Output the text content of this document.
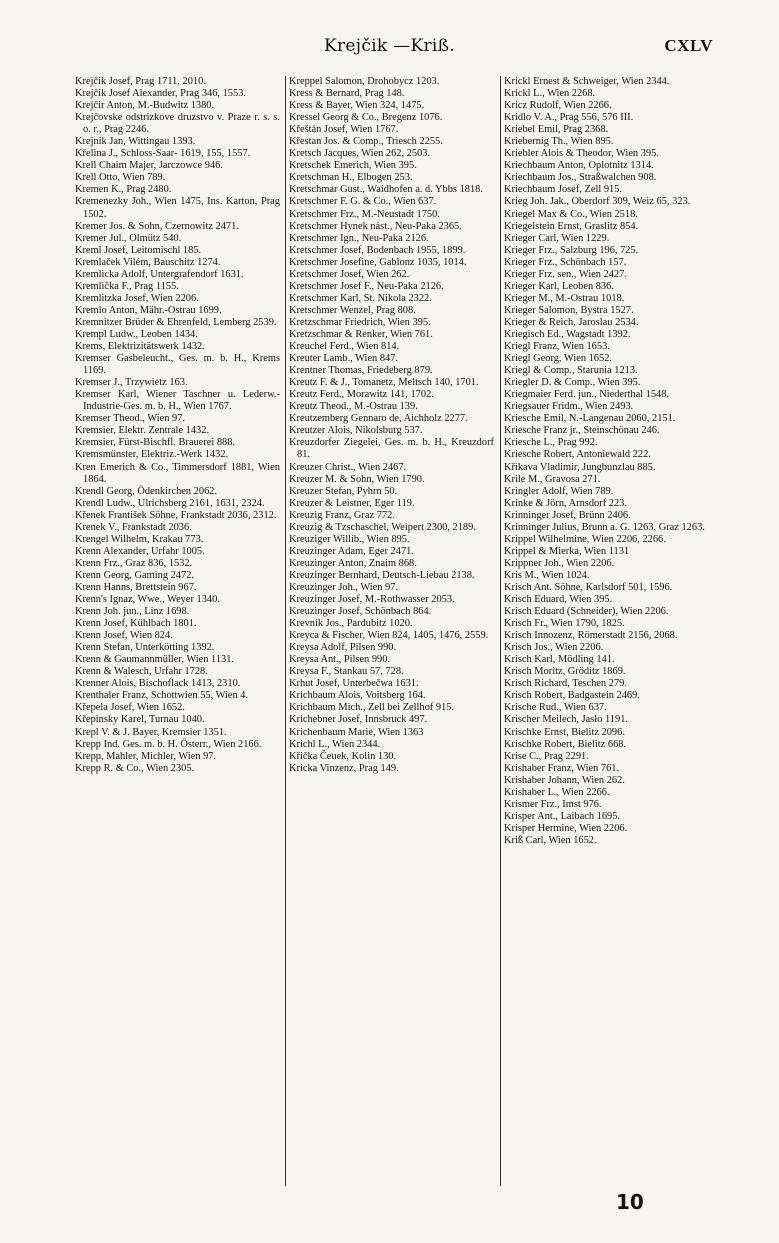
Krejčik —Kriß.	CXLV

Krejčik Josef, Prag 1711, 2010.

Krejčik Josef Alexander, Prag 346, 1553.

Krejčir Anton, M.-Budwitz 1380.

Krejčovske odstrizkove druzstvo v. Praze r. s. s. o. r., Prag 2246.

Krejnik Jan, Wittingau 1393.

Křelina J., Schloss-Saar- 1619, 155, 1557.

Krell Chaim Majer, Jarczowce 946.

Krell Otto, Wien 789.

Kremen K., Prag 2480.

Kremenezky Joh., Wien 1475, Ins. Karton, Prag 1502.

Kremer Jos. & Sohn, Czernowitz 2471.

Kremer Jul., Olmütz 540.

Kreml Josef, Leitomischl 185.

Kremlaček Vilém, Bauschitz 1274.

Kremlicka Adolf, Untergrafendorf 1631.

Kremlička F., Prag 1155.

Kremlitzka Josef, Wien 2206.

Kremlo Anton, Mähr.-Ostrau 1699.

Kremnitzer Brüder & Ehrenfeld, Lemberg 2539.

Krempl Ludw., Leoben 1434.

Krems, Elektrizitätswerk 1432.

Kremser Gasbeleucht., Ges. m. b. H., Krems 1169.

Kremser J., Trzywietz 163.

Kremser Karl, Wiener Taschner u. Lederw.-Industrie-Ges. m. b. H., Wien 1767.

Kremser Theod., Wien 97.

Kremsier, Elektr. Zentrale 1432.

Kremsier, Fürst-Bischfl. Brauerei 888.

Kremsmünster, Elektriz.-Werk 1432.

Kren Emerich & Co., Timmersdorf 1881, Wien 1864.

Krendl Georg, Ödenkirchen 2062.

Krendl Ludw., Ulrichsberg 2161, 1631, 2324.

Křenek František Söhne, Frankstadt 2036, 2312.

Krenek V., Frankstadt 2036.

Krengel Wilhelm, Krakau 773.

Krenn Alexander, Urfahr 1005.

Krenn Frz., Graz 836, 1532.

Krenn Georg, Gaming 2472.

Krenn Hanns, Brettstein 967.

Krenn's Ignaz, Wwe., Weyer 1340.

Krenn Joh. jun., Linz 1698.

Krenn Josef, Kühlbach 1801.

Krenn Josef, Wien 824.

Krenn Stefan, Unterkötting 1392.

Krenn & Gaumannmüller, Wien 1131.

Krenn & Walesch, Urfahr 1728.

Krenner Alois, Bischoflack 1413, 2310.

Krenthaler Franz, Schottwien 55, Wien 4.

Křepela Josef, Wien 1652.

Křepinsky Karel, Turnau 1040.

Krepl V. & J. Bayer, Kremsier 1351.

Krepp Ind. Ges. m. b. H. Österr., Wien 2166.

Krepp, Mahler, Michler, Wien 97.

Krepp R. & Co., Wien 2305.

Kreppel Salomon, Drohobycz 1203.

Kress & Bernard, Prag 148.

Kress & Bayer, Wien 324, 1475.

Kressel Georg & Co., Bregenz 1076.

Křeštán Josef, Wien 1767.

Křestan Jos. & Comp., Triesch 2255.

Kretsch Jacques, Wien 262, 2503.

Kretschek Emerich, Wien 395.

Kretschman H., Elbogen 253.

Kretschmar Gust., Waidhofen a. d. Ybbs 1818.

Kretschmer F. G. & Co., Wien 637.

Kretschmer Frz., M.-Neustadt 1750.

Kretschmer Hynek nást., Neu-Paka 2365.

Kretschmer Ign., Neu-Paka 2126.

Kretschmer Josef, Bodenbach 1955, 1899.

Kretschmer Josefine, Gablonz 1035, 1014.

Kretschmer Josef, Wien 262.

Kretschmer Josef F., Neu-Paka 2126.

Kretschmer Karl, St. Nikola 2322.

Kretschmer Wenzel, Prag 808.

Kretzschmar Friedrich, Wien 395.

Kretzschmar & Renker, Wien 761.

Kreuchel Ferd., Wien 814.

Kreuter Lamb., Wien 847.

Krentner Thomas, Friedeberg 879.

Kreutz F. & J., Tomanetz, Meltsch 140, 1701.

Kreutz Ferd., Morawitz 141, 1702.

Kreutz Theod., M.-Ostrau 139.

Kreutzemberg Gennaro de, Aichholz 2277.

Kreutzer Alois, Nikolsburg 537.

Kreuzdorfer Ziegelei, Ges. m. b. H., Kreuzdorf 81.

Kreuzer Christ., Wien 2467.

Kreuzer M. & Sohn, Wien 1790.

Kreuzer Stefan, Pyhrn 50.

Kreuzer & Leistner, Eger 119.

Kreuzig Franz, Graz 772.

Kreuzig & Tzschaschel, Weipert 2300, 2189.

Kreuziger Willib., Wien 895.

Kreuzinger Adam, Eger 2471.

Kreuzinger Anton, Znaim 868.

Kreuzinger Bernhard, Deutsch-Liebau 2138.

Kreuzinger Joh., Wien 97.

Kreuzinger Josef, M.-Rothwasser 2053.

Kreuzinger Josef, Schönbach 864.

Krevnik Jos., Pardubitz 1020.

Kreyca & Fischer, Wien 824, 1405, 1476, 2559.

Kreysa Adolf, Pilsen 990.

Kreysa Ant., Pilsen 990.

Kreysa F., Stankau 57, 728.

Krhut Josef, Unterbečwa 1631.

Krichbaum Alois, Voitsberg 164.

Krichbaum Mich., Zell bei Zellhof 915.

Krichebner Josef, Innsbruck 497.

Krichenbaum Marie, Wien 1363

Krichl L., Wien 2344.

Křička Čeuek, Kolin 130.

Kricka Vinzenz, Prag 149.

Krickl Ernest & Schweiger, Wien 2344.

Krickl L., Wien 2268.

Kricz Rudolf, Wien 2266.

Kridlo V. A., Prag 556, 576 III.

Kriebel Emil, Prag 2368.

Kriebernig Th., Wien 895.

Kriebler Alois & Theodor, Wien 395.

Kriechbaum Anton, Oplotnitz 1314.

Kriechbaum Jos., Straßwalchen 908.

Kriechbaum Josef, Zell 915.

Krieg Joh. Jak., Oberdorf 309, Weiz 65, 323.

Kriegel Max & Co., Wien 2518.

Kriegelstein Ernst, Graslitz 854.

Krieger Carl, Wien 1229.

Krieger Frz., Salzburg 196, 725.

Krieger Frz., Schönbach 157.

Krieger Frz. sen., Wien 2427.

Krieger Karl, Leoben 836.

Krieger M., M.-Ostrau 1018.

Krieger Salomon, Bystra 1527.

Krieger & Reich, Jaroslau 2534.

Kriegisch Ed., Wagstadt 1392.

Kriegl Franz, Wien 1653.

Kriegl Georg, Wien 1652.

Kriegl & Comp., Starunia 1213.

Kriegler D. & Comp., Wien 395.

Kriegmaier Ferd. jun., Niederthal 1548.

Kriegsauer Fridm., Wien 2493.

Kriesche Emil, N.-Langenau 2060, 2151.

Kriesche Franz jr., Steinschönau 246.

Kriesche L., Prag 992.

Kriesche Robert, Antoniewald 222.

Křikava Vladimir, Jungbunzlau 885.

Krile M., Gravosa 271.

Kringler Adolf, Wien 789.

Krinke & Jörn, Arnsdorf 223.

Krinninger Josef, Brünn 2406.

Krinninger Julius, Brunn a. G. 1263, Graz 1263.

Krippel Wilhelmine, Wien 2206, 2266.

Krippel & Mierka, Wien 1131

Krippner Joh., Wien 2206.

Kris M., Wien 1024.

Krisch Ant. Söhne, Karlsdorf 501, 1596.

Krisch Eduard, Wien 395.

Krisch Eduard (Schneider), Wien 2206.

Krisch Fr., Wien 1790, 1825.

Krisch Innozenz, Römerstadt 2156, 2068.

Krisch Jos., Wien 2206.

Krisch Karl, Mödling 141.

Krisch Moritz, Gröditz 1869.

Krisch Richard, Teschen 279.

Krisch Robert, Badgastein 2469.

Krische Rud., Wien 637.

Krischer Meilech, Jasło 1191.

Krischke Ernst, Bielitz 2096.

Krischke Robert, Bielitz 668.

Krise C., Prag 2291.

Krishaber Franz, Wien 761.

Krishaber Johann, Wien 262.

Krishaber L., Wien 2266.

Krismer Frz., Imst 976.

Krisper Ant., Laibach 1695.

Krisper Hermine, Wien 2206.

Kriß Carl, Wien 1652.

10
